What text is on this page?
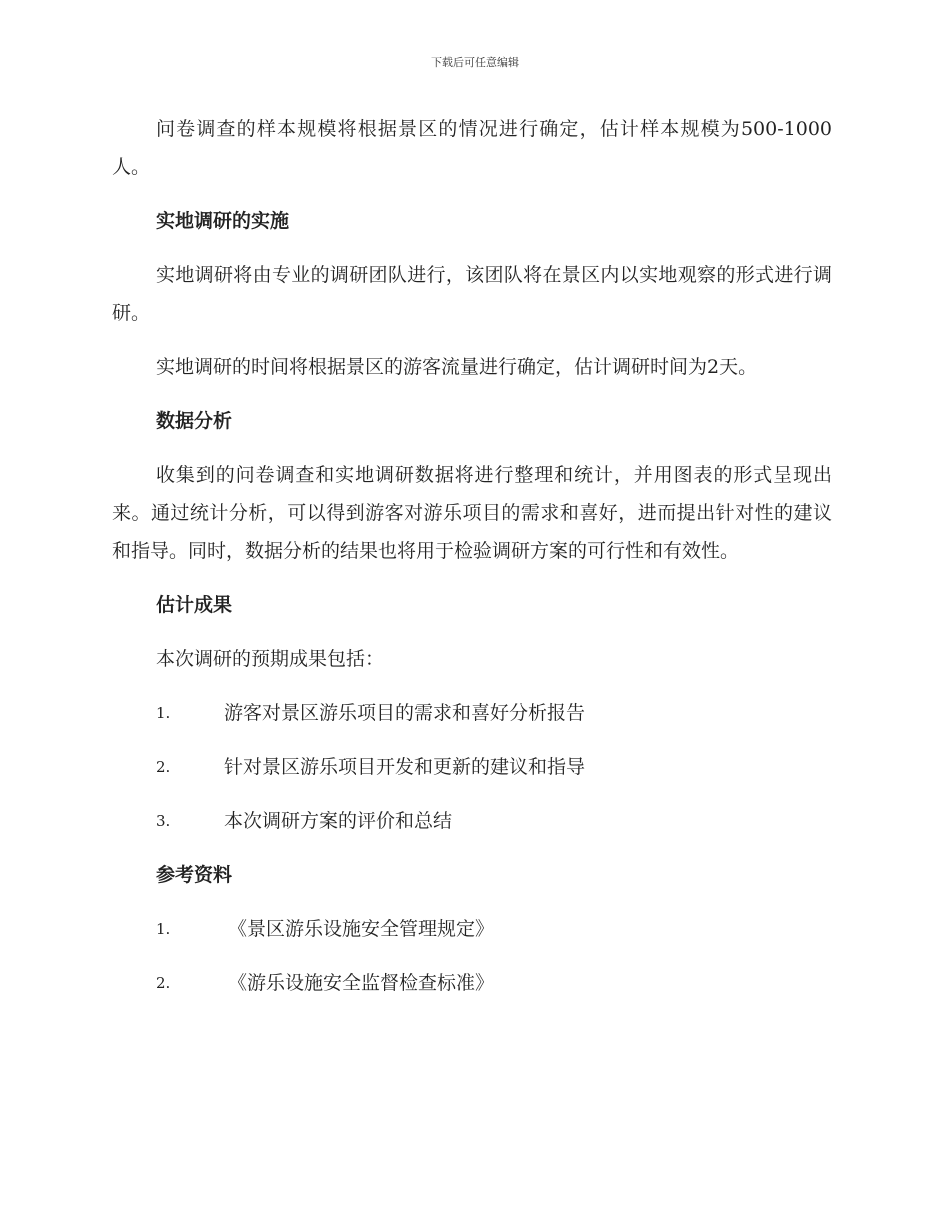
下载后可任意编辑

问卷调查的样本规模将根据景区的情况进行确定，估计样本规模为500-1000人。

实地调研的实施

实地调研将由专业的调研团队进行，该团队将在景区内以实地观察的形式进行调研。

实地调研的时间将根据景区的游客流量进行确定，估计调研时间为2天。

数据分析

收集到的问卷调查和实地调研数据将进行整理和统计，并用图表的形式呈现出来。通过统计分析，可以得到游客对游乐项目的需求和喜好，进而提出针对性的建议和指导。同时，数据分析的结果也将用于检验调研方案的可行性和有效性。

估计成果

本次调研的预期成果包括：

1.	游客对景区游乐项目的需求和喜好分析报告
2.	针对景区游乐项目开发和更新的建议和指导
3.	本次调研方案的评价和总结
参考资料
1.	《景区游乐设施安全管理规定》
2.	《游乐设施安全监督检查标准》
